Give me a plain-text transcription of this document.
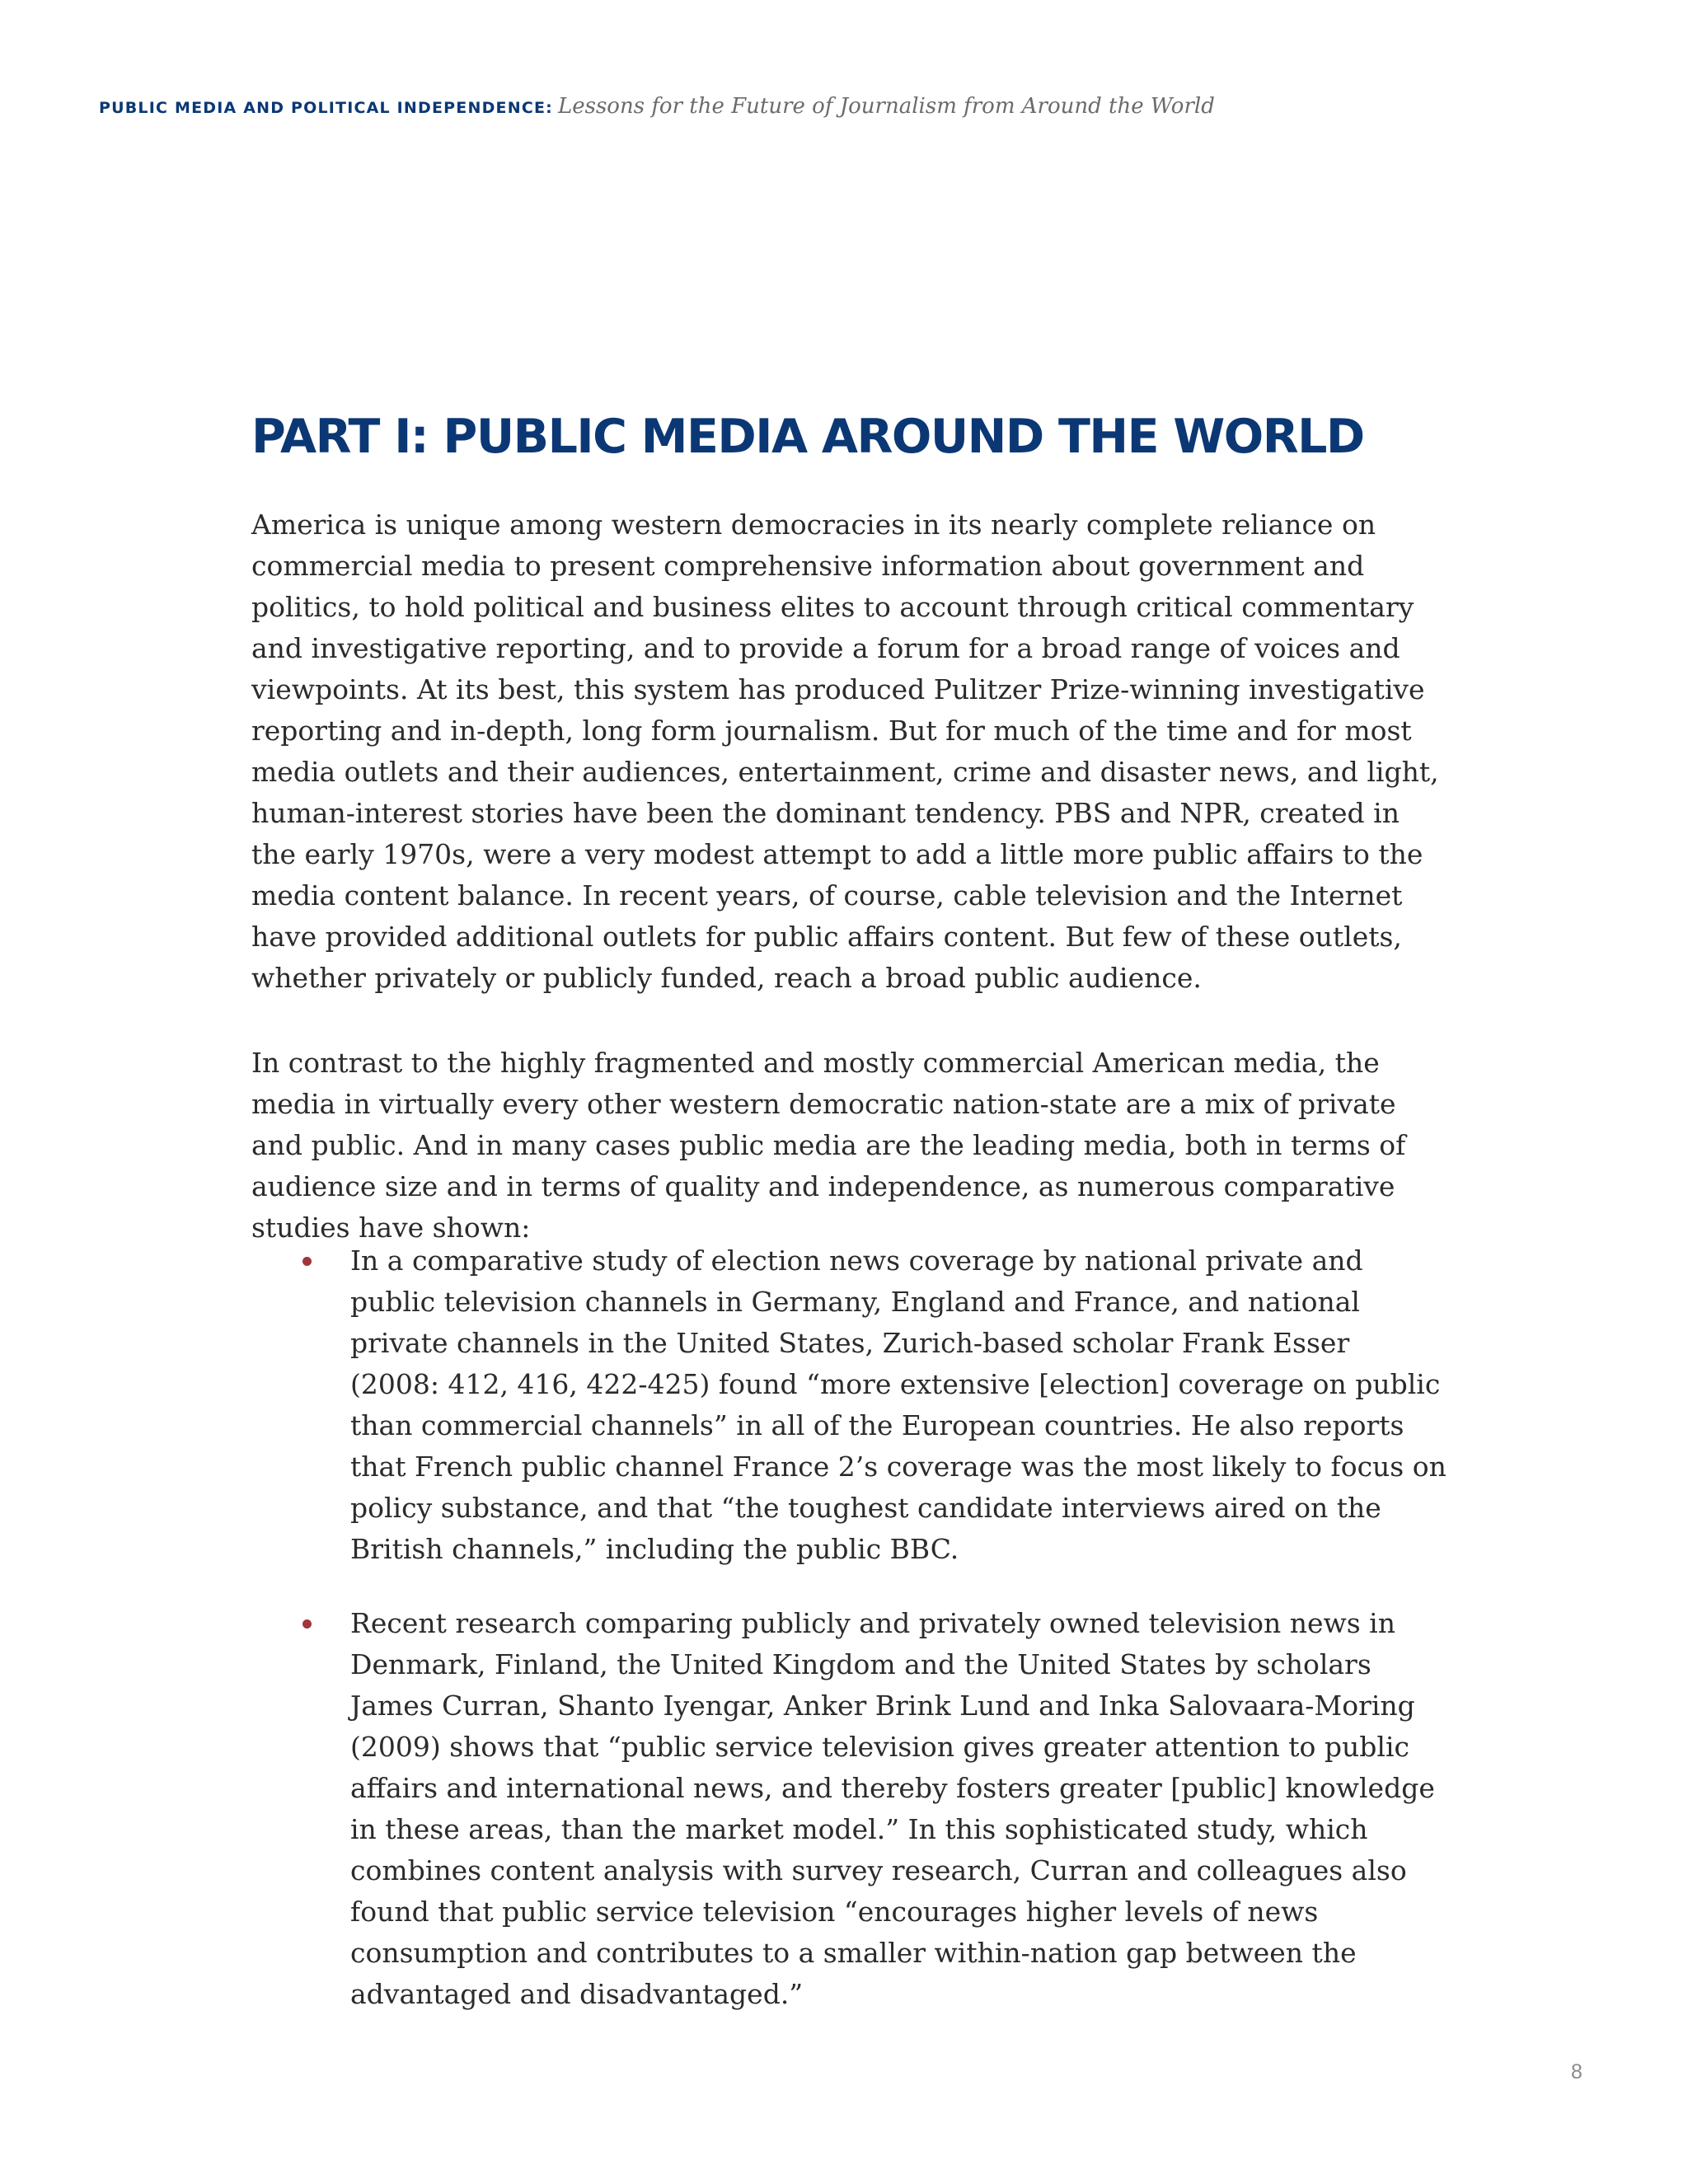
PUBLIC MEDIA AND POLITICAL INDEPENDENCE: Lessons for the Future of Journalism from Around the World
PART I: PUBLIC MEDIA AROUND THE WORLD

America is unique among western democracies in its nearly complete reliance on commercial media to present comprehensive information about government and politics, to hold political and business elites to account through critical commentary and investigative reporting, and to provide a forum for a broad range of voices and viewpoints. At its best, this system has produced Pulitzer Prize-winning investigative reporting and in-depth, long form journalism. But for much of the time and for most media outlets and their audiences, entertainment, crime and disaster news, and light, human-interest stories have been the dominant tendency. PBS and NPR, created in the early 1970s, were a very modest attempt to add a little more public affairs to the media content balance. In recent years, of course, cable television and the Internet have provided additional outlets for public affairs content. But few of these outlets, whether privately or publicly funded, reach a broad public audience.

In contrast to the highly fragmented and mostly commercial American media, the media in virtually every other western democratic nation-state are a mix of private and public. And in many cases public media are the leading media, both in terms of audience size and in terms of quality and independence, as numerous comparative studies have shown:

In a comparative study of election news coverage by national private and public television channels in Germany, England and France, and national private channels in the United States, Zurich-based scholar Frank Esser (2008: 412, 416, 422-425) found “more extensive [election] coverage on public than commercial channels” in all of the European countries. He also reports that French public channel France 2’s coverage was the most likely to focus on policy substance, and that “the toughest candidate interviews aired on the British channels,” including the public BBC.
Recent research comparing publicly and privately owned television news in Denmark, Finland, the United Kingdom and the United States by scholars James Curran, Shanto Iyengar, Anker Brink Lund and Inka Salovaara-Moring (2009) shows that “public service television gives greater attention to public affairs and international news, and thereby fosters greater [public] knowledge in these areas, than the market model.” In this sophisticated study, which combines content analysis with survey research, Curran and colleagues also found that public service television “encourages higher levels of news consumption and contributes to a smaller within-nation gap between the advantaged and disadvantaged.”
8
